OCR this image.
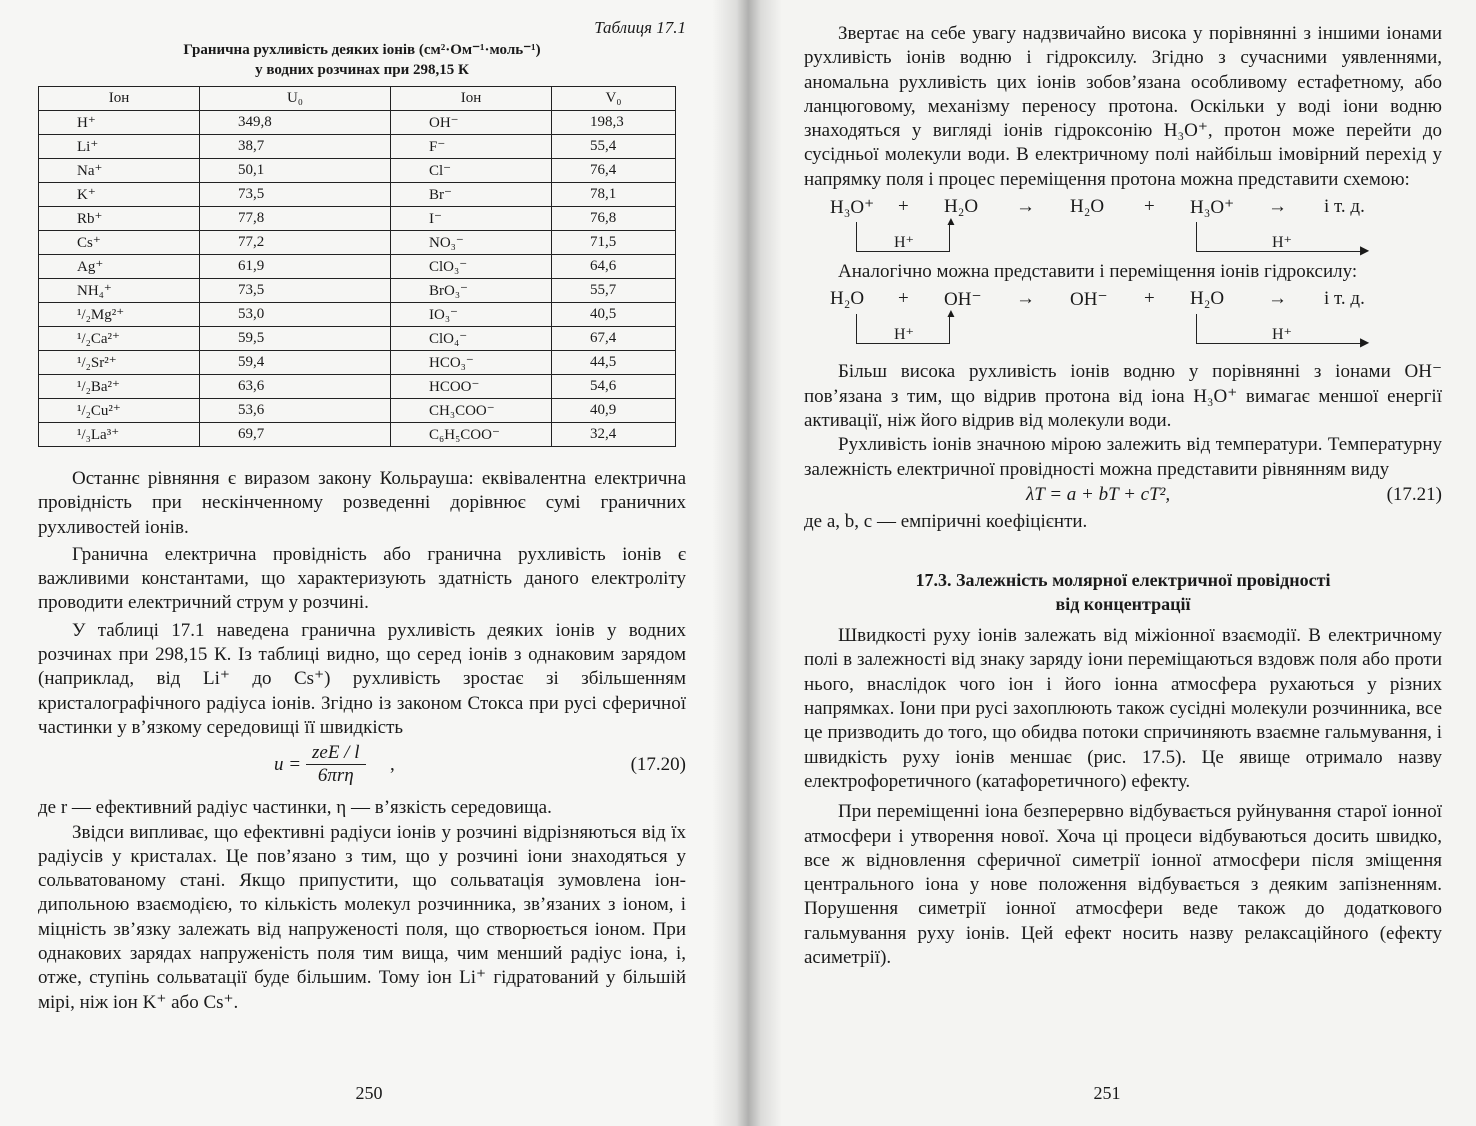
Таблиця 17.1
Гранична рухливість деяких іонів (см²·Ом⁻¹·моль⁻¹)
у водних розчинах при 298,15 К
Іон	U₀	Іон	V₀
H⁺	349,8	OH⁻	198,3
Li⁺	38,7	F⁻	55,4
Na⁺	50,1	Cl⁻	76,4
K⁺	73,5	Br⁻	78,1
Rb⁺	77,8	I⁻	76,8
Cs⁺	77,2	NO₃⁻	71,5
Ag⁺	61,9	ClO₃⁻	64,6
NH₄⁺	73,5	BrO₃⁻	55,7
¹/₂Mg²⁺	53,0	IO₃⁻	40,5
¹/₂Ca²⁺	59,5	ClO₄⁻	67,4
¹/₂Sr²⁺	59,4	HCO₃⁻	44,5
¹/₂Ba²⁺	63,6	HCOO⁻	54,6
¹/₂Cu²⁺	53,6	CH₃COO⁻	40,9
¹/₃La³⁺	69,7	C₆H₅COO⁻	32,4

Останнє рівняння є виразом закону Кольрауша: еквівалентна електрична провідність при нескінченному розведенні дорівнює сумі граничних рухливостей іонів.

Гранична електрична провідність або гранична рухливість іонів є важливими константами, що характеризують здатність даного електроліту проводити електричний струм у розчині.

У таблиці 17.1 наведена гранична рухливість деяких іонів у водних розчинах при 298,15 К. Із таблиці видно, що серед іонів з однаковим зарядом (наприклад, від Li⁺ до Cs⁺) рухливість зростає зі збільшенням кристалографічного радіуса іонів. Згідно із законом Стокса при русі сферичної частинки у в’язкому середовищі її швидкість

u =
zeE / l
6πrη
,	(17.20)

де r — ефективний радіус частинки, η — в’язкість середовища.

Звідси випливає, що ефективні радіуси іонів у розчині відрізняються від їх радіусів у кристалах. Це пов’язано з тим, що у розчині іони знаходяться у сольватованому стані. Якщо припустити, що сольватація зумовлена іон-дипольною взаємодією, то кількість молекул розчинника, зв’язаних з іоном, і міцність зв’язку залежать від напруженості поля, що створюється іоном. При однакових зарядах напруженість поля тим вища, чим менший радіус іона, і, отже, ступінь сольватації буде більшим. Тому іон Li⁺ гідратований у більшій мірі, ніж іон K⁺ або Cs⁺.

250

Звертає на себе увагу надзвичайно висока у порівнянні з іншими іонами рухливість іонів водню і гідроксилу. Згідно з сучасними уявленнями, аномальна рухливість цих іонів зобов’язана особливому естафетному, або ланцюговому, механізму переносу протона. Оскільки у воді іони водню знаходяться у вигляді іонів гідроксонію H₃O⁺, протон може перейти до сусідньої молекули води. В електричному полі найбільш імовірний перехід у напрямку поля і процес переміщення протона можна представити схемою:

H₃O⁺ + H₂O → H₂O + H₃O⁺ → і т. д.
▲
H⁺	▶
H⁺

Аналогічно можна представити і переміщення іонів гідроксилу:

H₂O + OH⁻ → OH⁻ + H₂O → і т. д.
▲
H⁺	▶
H⁺

Більш висока рухливість іонів водню у порівнянні з іонами OH⁻ пов’язана з тим, що відрив протона від іона H₃O⁺ вимагає меншої енергії активації, ніж його відрив від молекули води.

Рухливість іонів значною мірою залежить від температури. Температурну залежність електричної провідності можна представити рівнянням виду

λT = a + bT + cT²,	(17.21)

де a, b, c — емпіричні коефіцієнти.

17.3. Залежність молярної електричної провідності
від концентрації

Швидкості руху іонів залежать від міжіонної взаємодії. В електричному полі в залежності від знаку заряду іони переміщаються вздовж поля або проти нього, внаслідок чого іон і його іонна атмосфера рухаються у різних напрямках. Іони при русі захоплюють також сусідні молекули розчинника, все це призводить до того, що обидва потоки спричиняють взаємне гальмування, і швидкість руху іонів меншає (рис. 17.5). Це явище отримало назву електрофоретичного (катафоретичного) ефекту.

При переміщенні іона безперервно відбувається руйнування старої іонної атмосфери і утворення нової. Хоча ці процеси відбуваються досить швидко, все ж відновлення сферичної симетрії іонної атмосфери після зміщення центрального іона у нове положення відбувається з деяким запізненням. Порушення симетрії іонної атмосфери веде також до додаткового гальмування руху іонів. Цей ефект носить назву релаксаційного (ефекту асиметрії).

251
